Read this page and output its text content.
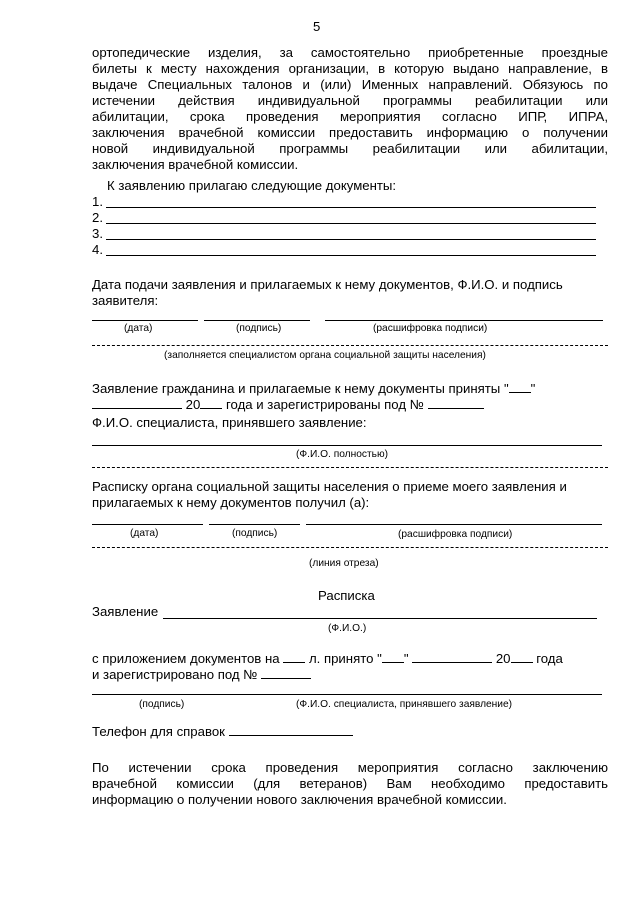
5
ортопедические изделия, за самостоятельно приобретенные проездные
билеты к месту нахождения организации, в которую выдано направление, в
выдаче Специальных талонов и (или) Именных направлений. Обязуюсь по
истечении действия индивидуальной программы реабилитации или
абилитации, срока проведения мероприятия согласно ИПР, ИПРА,
заключения врачебной комиссии предоставить информацию о получении
новой индивидуальной программы реабилитации или абилитации,
заключения врачебной комиссии.
К заявлению прилагаю следующие документы:
1.
2.
3.
4.
Дата подачи заявления и прилагаемых к нему документов, Ф.И.О. и подпись
заявителя:
(дата)	(подпись)	(расшифровка подписи)
(заполняется специалистом органа социальной защиты населения)
Заявление гражданина и прилагаемые к нему документы приняты " "
20 года и зарегистрированы под №
Ф.И.О. специалиста, принявшего заявление:
(Ф.И.О. полностью)
Расписку органа социальной защиты населения о приеме моего заявления и
прилагаемых к нему документов получил (а):
(дата)	(подпись)	(расшифровка подписи)
(линия отреза)
Расписка
Заявление
(Ф.И.О.)
с приложением документов на л. принято " "	20 года
и зарегистрировано под №
(подпись)	(Ф.И.О. специалиста, принявшего заявление)
Телефон для справок
По истечении срока проведения мероприятия согласно заключению
врачебной комиссии (для ветеранов) Вам необходимо предоставить
информацию о получении нового заключения врачебной комиссии.
